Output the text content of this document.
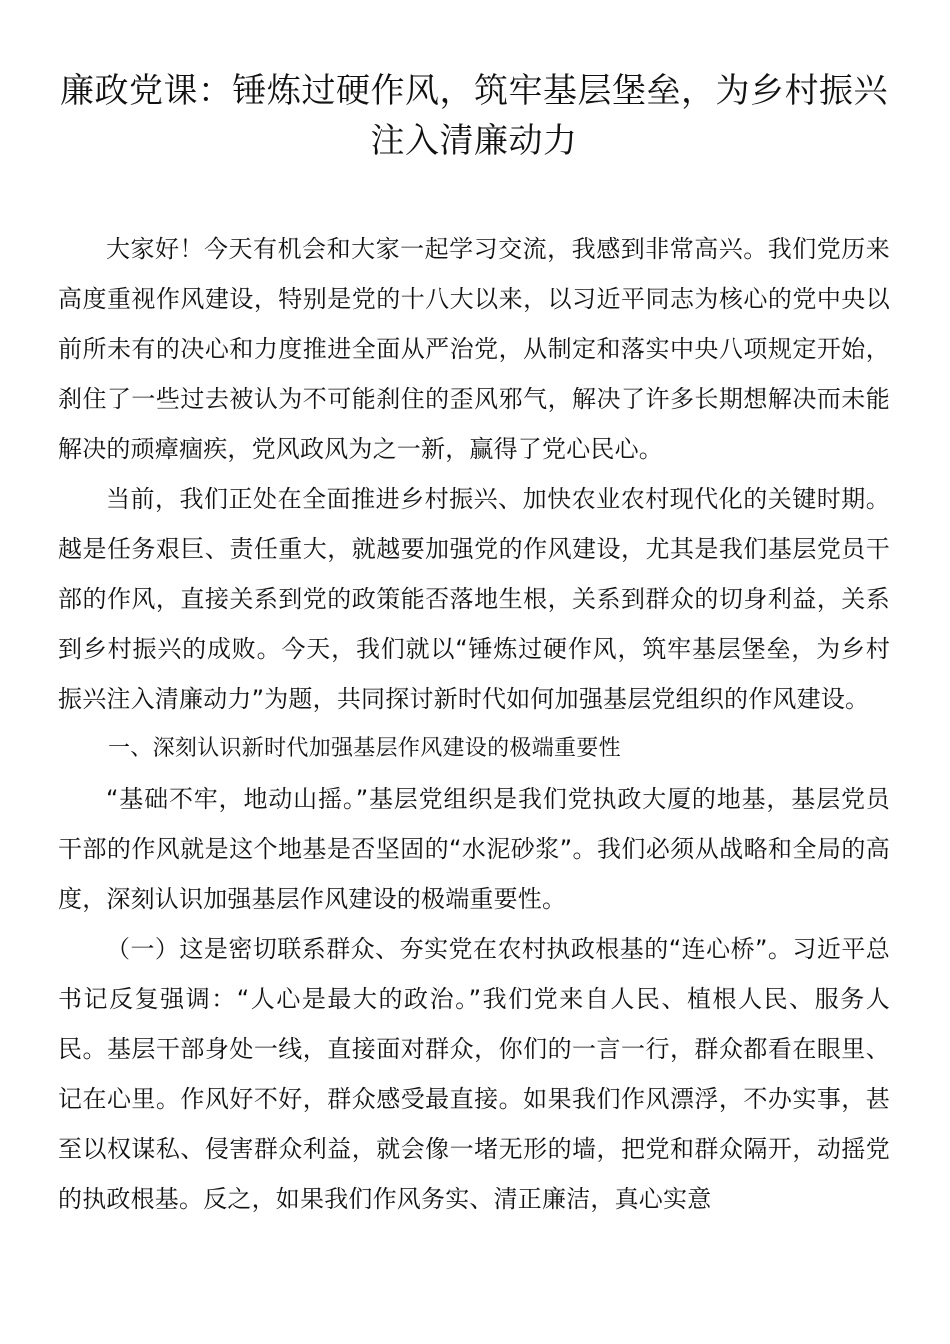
廉政党课：锤炼过硬作风，筑牢基层堡垒，为乡村振兴注入清廉动力

大家好！今天有机会和大家一起学习交流，我感到非常高兴。我们党历来高度重视作风建设，特别是党的十八大以来，以习近平同志为核心的党中央以前所未有的决心和力度推进全面从严治党，从制定和落实中央八项规定开始，刹住了一些过去被认为不可能刹住的歪风邪气，解决了许多长期想解决而未能解决的顽瘴痼疾，党风政风为之一新，赢得了党心民心。

当前，我们正处在全面推进乡村振兴、加快农业农村现代化的关键时期。越是任务艰巨、责任重大，就越要加强党的作风建设，尤其是我们基层党员干部的作风，直接关系到党的政策能否落地生根，关系到群众的切身利益，关系到乡村振兴的成败。今天，我们就以“锤炼过硬作风，筑牢基层堡垒，为乡村振兴注入清廉动力”为题，共同探讨新时代如何加强基层党组织的作风建设。

一、深刻认识新时代加强基层作风建设的极端重要性

“基础不牢，地动山摇。”基层党组织是我们党执政大厦的地基，基层党员干部的作风就是这个地基是否坚固的“水泥砂浆”。我们必须从战略和全局的高度，深刻认识加强基层作风建设的极端重要性。

（一）这是密切联系群众、夯实党在农村执政根基的“连心桥”。习近平总书记反复强调：“人心是最大的政治。”我们党来自人民、植根人民、服务人民。基层干部身处一线，直接面对群众，你们的一言一行，群众都看在眼里、记在心里。作风好不好，群众感受最直接。如果我们作风漂浮，不办实事，甚至以权谋私、侵害群众利益，就会像一堵无形的墙，把党和群众隔开，动摇党的执政根基。反之，如果我们作风务实、清正廉洁，真心实意
